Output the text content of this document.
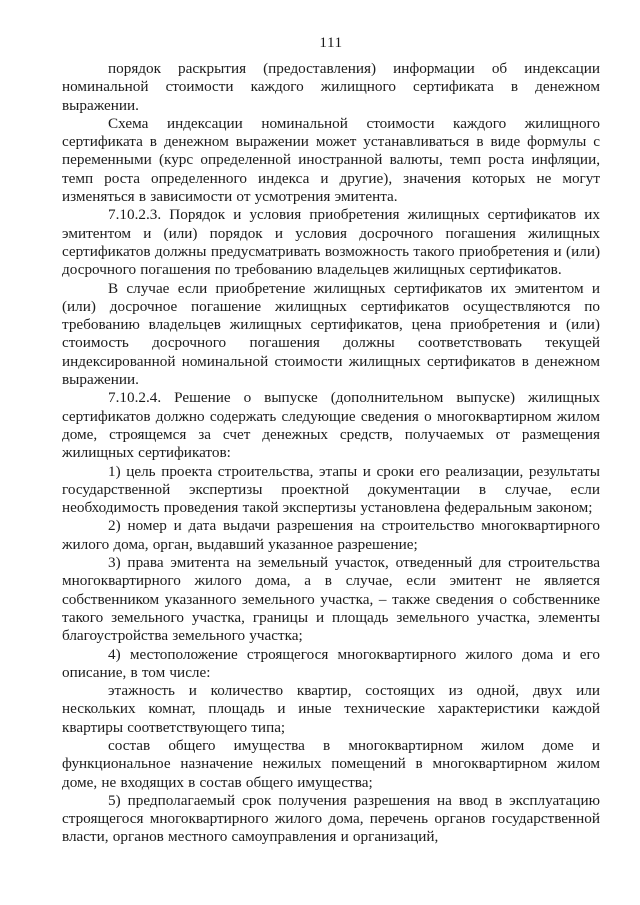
111

порядок раскрытия (предоставления) информации об индексации номинальной стоимости каждого жилищного сертификата в денежном выражении.

Схема индексации номинальной стоимости каждого жилищного сертификата в денежном выражении может устанавливаться в виде формулы с переменными (курс определенной иностранной валюты, темп роста инфляции, темп роста определенного индекса и другие), значения которых не могут изменяться в зависимости от усмотрения эмитента.

7.10.2.3. Порядок и условия приобретения жилищных сертификатов их эмитентом и (или) порядок и условия досрочного погашения жилищных сертификатов должны предусматривать возможность такого приобретения и (или) досрочного погашения по требованию владельцев жилищных сертификатов.

В случае если приобретение жилищных сертификатов их эмитентом и (или) досрочное погашение жилищных сертификатов осуществляются по требованию владельцев жилищных сертификатов, цена приобретения и (или) стоимость досрочного погашения должны соответствовать текущей индексированной номинальной стоимости жилищных сертификатов в денежном выражении.

7.10.2.4. Решение о выпуске (дополнительном выпуске) жилищных сертификатов должно содержать следующие сведения о многоквартирном жилом доме, строящемся за счет денежных средств, получаемых от размещения жилищных сертификатов:

1) цель проекта строительства, этапы и сроки его реализации, результаты государственной экспертизы проектной документации в случае, если необходимость проведения такой экспертизы установлена федеральным законом;

2) номер и дата выдачи разрешения на строительство многоквартирного жилого дома, орган, выдавший указанное разрешение;

3) права эмитента на земельный участок, отведенный для строительства многоквартирного жилого дома, а в случае, если эмитент не является собственником указанного земельного участка, – также сведения о собственнике такого земельного участка, границы и площадь земельного участка, элементы благоустройства земельного участка;

4) местоположение строящегося многоквартирного жилого дома и его описание, в том числе:

этажность и количество квартир, состоящих из одной, двух или нескольких комнат, площадь и иные технические характеристики каждой квартиры соответствующего типа;

состав общего имущества в многоквартирном жилом доме и функциональное назначение нежилых помещений в многоквартирном жилом доме, не входящих в состав общего имущества;

5) предполагаемый срок получения разрешения на ввод в эксплуатацию строящегося многоквартирного жилого дома, перечень органов государственной власти, органов местного самоуправления и организаций,
